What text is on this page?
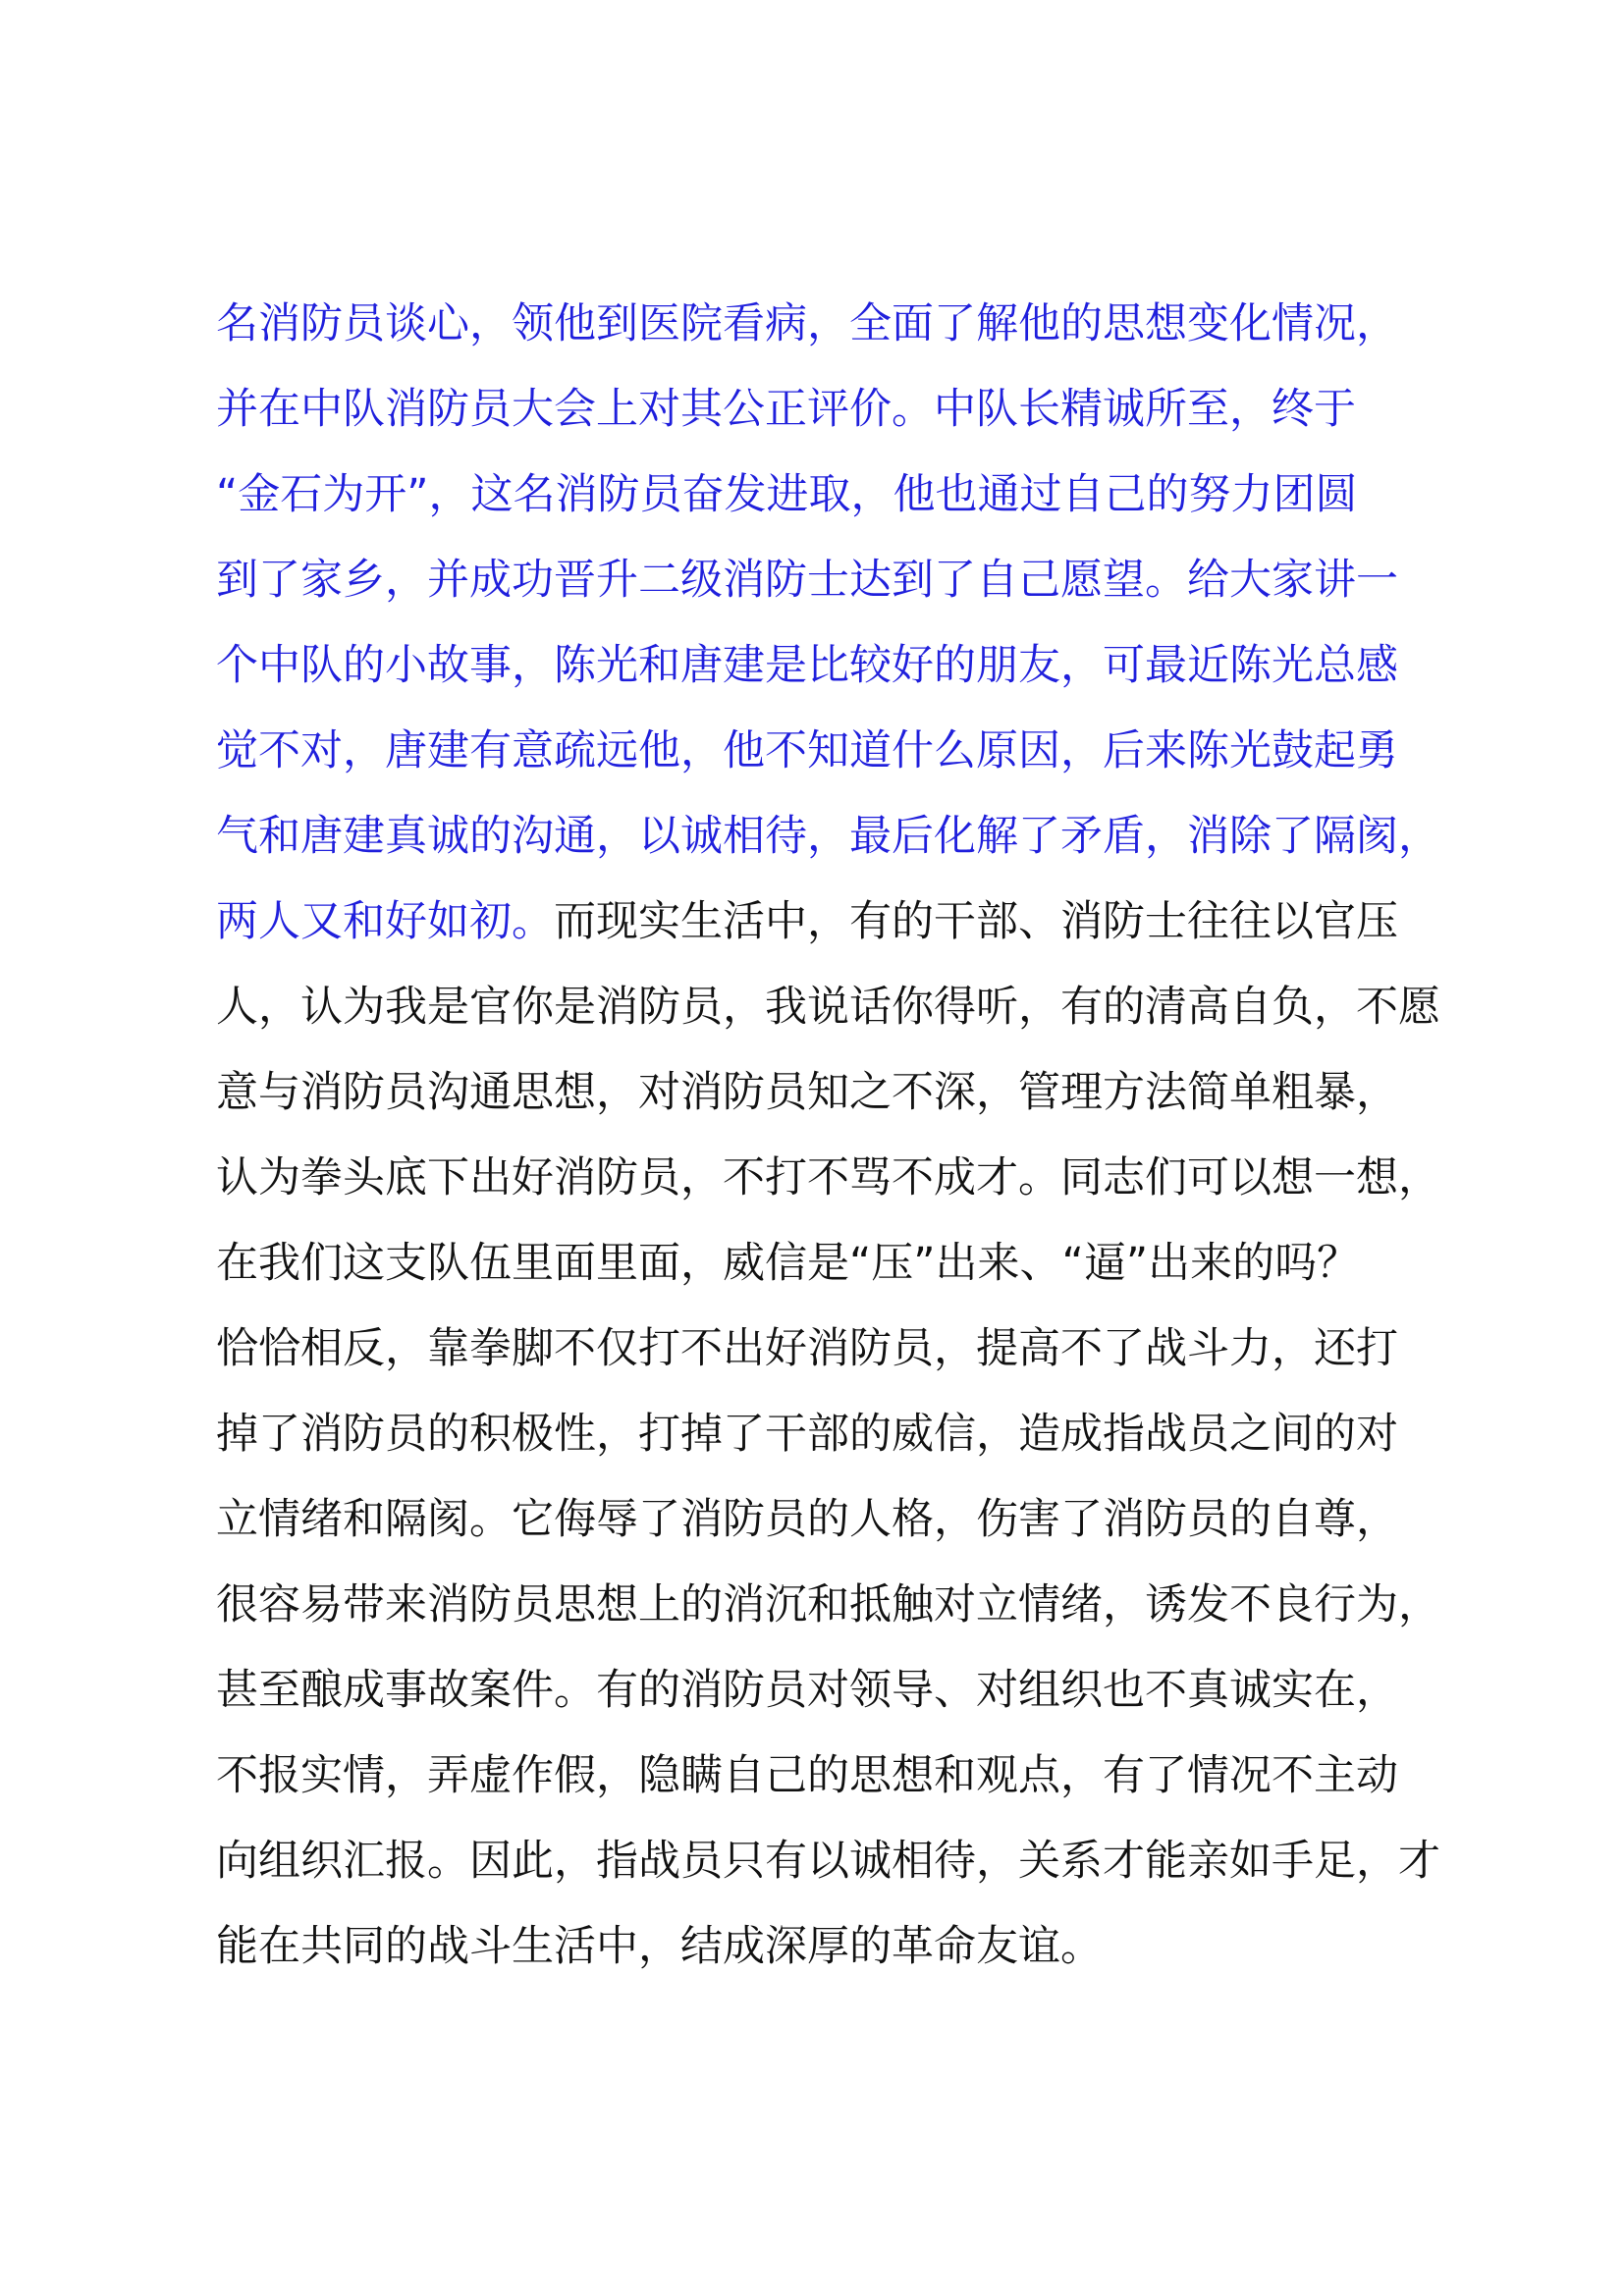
名消防员谈心，领他到医院看病，全面了解他的思想变化情况，
并在中队消防员大会上对其公正评价。中队长精诚所至，终于
“金石为开”，这名消防员奋发进取，他也通过自己的努力团圆
到了家乡，并成功晋升二级消防士达到了自己愿望。给大家讲一
个中队的小故事，陈光和唐建是比较好的朋友，可最近陈光总感
觉不对，唐建有意疏远他，他不知道什么原因，后来陈光鼓起勇
气和唐建真诚的沟通，以诚相待，最后化解了矛盾，消除了隔阂，
两人又和好如初。而现实生活中，有的干部、消防士往往以官压
人，认为我是官你是消防员，我说话你得听，有的清高自负，不愿
意与消防员沟通思想，对消防员知之不深，管理方法简单粗暴，
认为拳头底下出好消防员，不打不骂不成才。同志们可以想一想，
在我们这支队伍里面里面，威信是“压”出来、“逼”出来的吗？
恰恰相反，靠拳脚不仅打不出好消防员，提高不了战斗力，还打
掉了消防员的积极性，打掉了干部的威信，造成指战员之间的对
立情绪和隔阂。它侮辱了消防员的人格，伤害了消防员的自尊，
很容易带来消防员思想上的消沉和抵触对立情绪，诱发不良行为，
甚至酿成事故案件。有的消防员对领导、对组织也不真诚实在，
不报实情，弄虚作假，隐瞒自己的思想和观点，有了情况不主动
向组织汇报。因此，指战员只有以诚相待，关系才能亲如手足，才
能在共同的战斗生活中，结成深厚的革命友谊。
